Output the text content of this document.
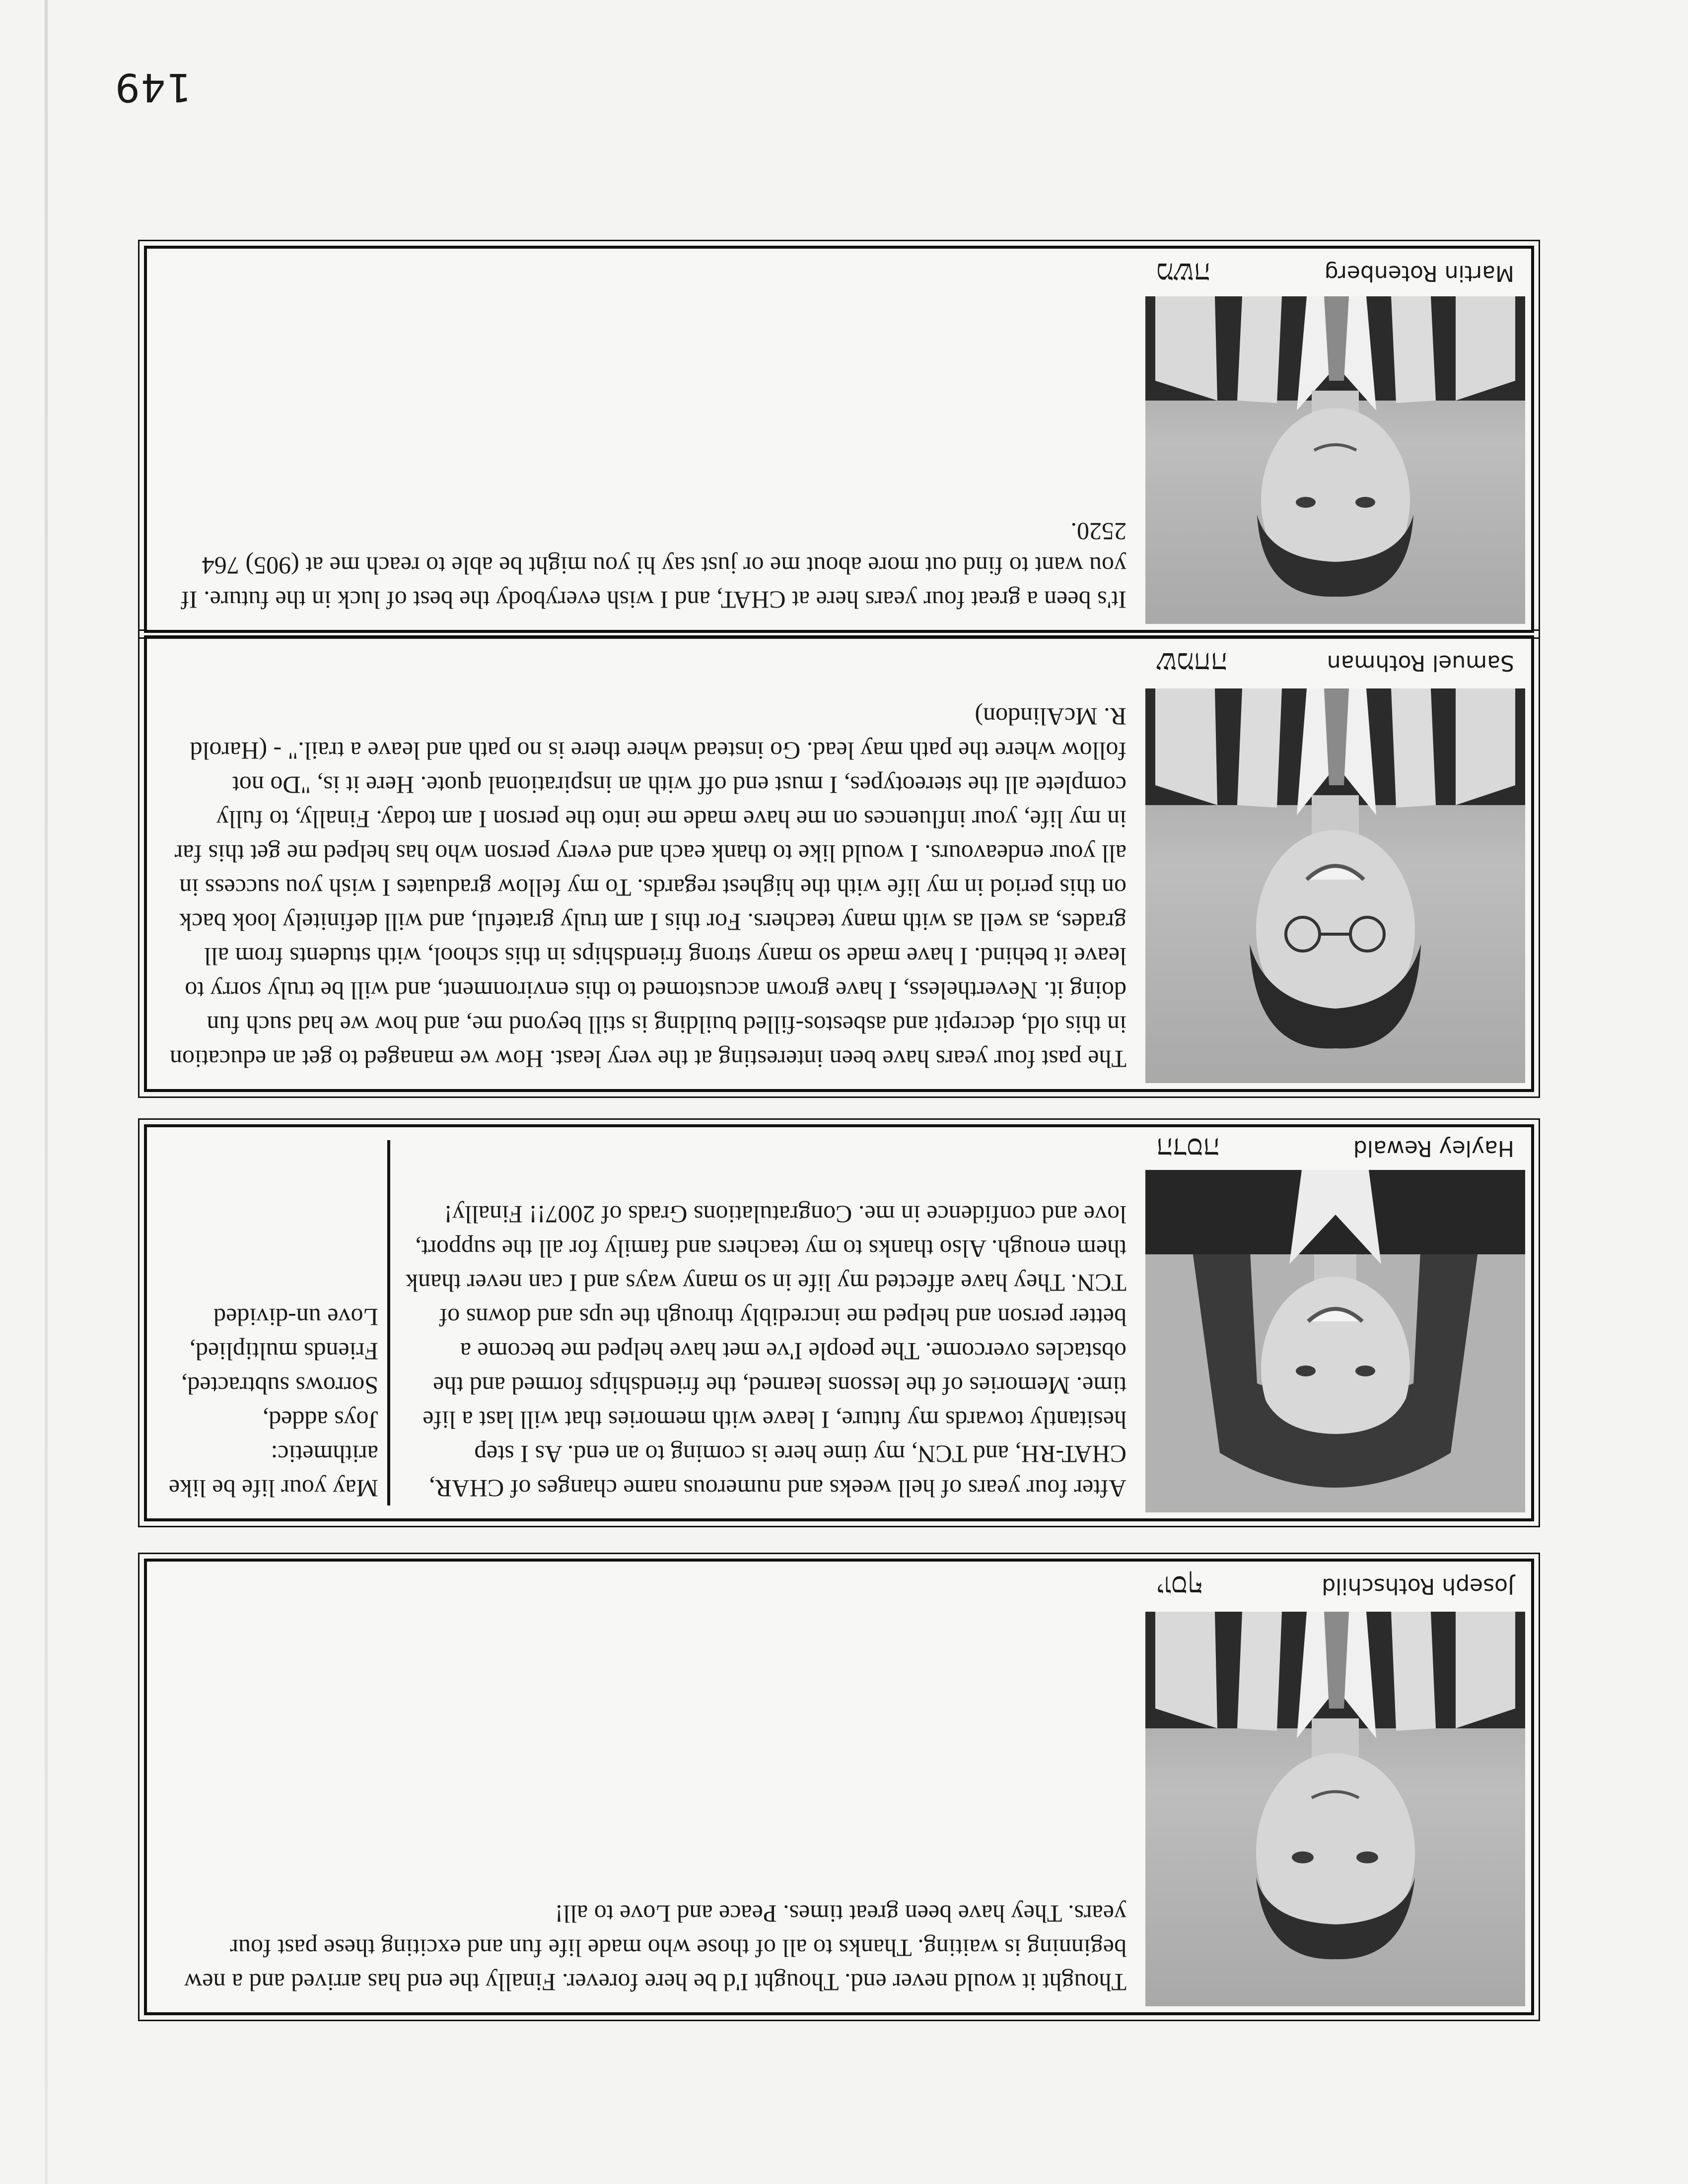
Joseph Rothschild
יוסף
Thought it would never end. Thought I'd be here forever. Finally the end has arrived and a new beginning is waiting. Thanks to all of those who made life fun and exciting these past four years. They have been great times. Peace and Love to all!
Samuel Rothman
שמחה
The past four years have been interesting at the very least. How we managed to get an education in this old, decrepit and asbestos-filled building is still beyond me, and how we had such fun doing it. Nevertheless, I have grown accustomed to this environment, and will be truly sorry to leave it behind. I have made so many strong friendships in this school, with students from all grades, as well as with many teachers. For this I am truly grateful, and will definitely look back on this period in my life with the highest regards. To my fellow graduates I wish you success in all your endeavours. I would like to thank each and every person who has helped me get this far in my life, your influences on me have made me into the person I am today. Finally, to fully complete all the stereotypes, I must end off with an inspirational quote. Here it is, "Do not follow where the path may lead. Go instead where there is no path and leave a trail." - (Harold R. McAlindon)
Martin Rotenberg
משה
It's been a great four years here at CHAT, and I wish everybody the best of luck in the future. If you want to find out more about me or just say hi you might be able to reach me at (905) 764 2520.
Hayley Rewald
הדסה
After four years of hell weeks and numerous name changes of CHAR, CHAT-RH, and TCN, my time here is coming to an end. As I step hesitantly towards my future, I leave with memories that will last a life time. Memories of the lessons learned, the friendships formed and the obstacles overcome. The people I've met have helped me become a better person and helped me incredibly through the ups and downs of TCN. They have affected my life in so many ways and I can never thank them enough. Also thanks to my teachers and family for all the support, love and confidence in me. Congratulations Grads of 2007!! Finally!
May your life be like
arithmetic:
Joys added,
Sorrows subtracted,
Friends multiplied,
Love un-divided
149
